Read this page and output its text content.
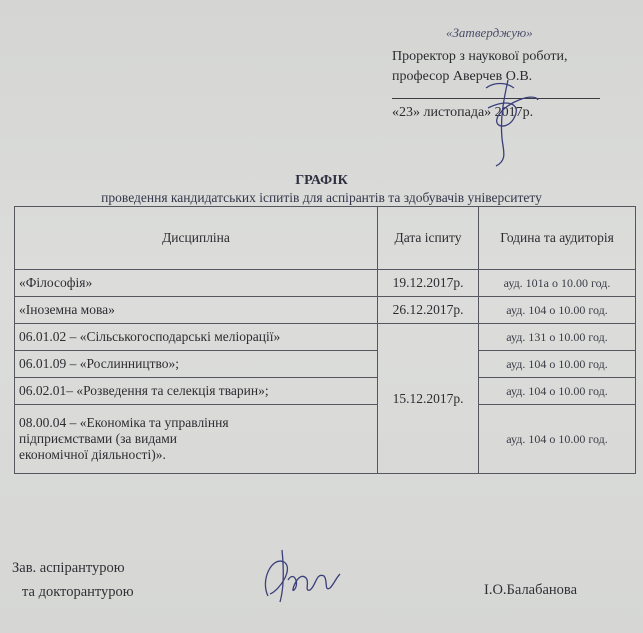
«Затверджую»
Проректор з наукової роботи,
професор Аверчев О.В.
«23» листопада» 2017р.
ГРАФІК
проведення кандидатських іспитів для аспірантів та здобувачів університету
Дисципліна	Дата іспиту	Година та аудиторія
«Філософія»	19.12.2017р.	ауд. 101а о 10.00 год.
«Іноземна мова»	26.12.2017р.	ауд. 104 о 10.00 год.
06.01.02 – «Сільськогосподарські меліорації»	15.12.2017р.	ауд. 131 о 10.00 год.
06.01.09 – «Рослинництво»;		ауд. 104 о 10.00 год.
06.02.01– «Розведення та селекція тварин»;		ауд. 104 о 10.00 год.

08.00.04 – «Економіка та управління
підприємствами (за видами
економічної діяльності)».		ауд. 104 о 10.00 год.
Зав. аспірантурою
та докторантурою	І.О.Балабанова
